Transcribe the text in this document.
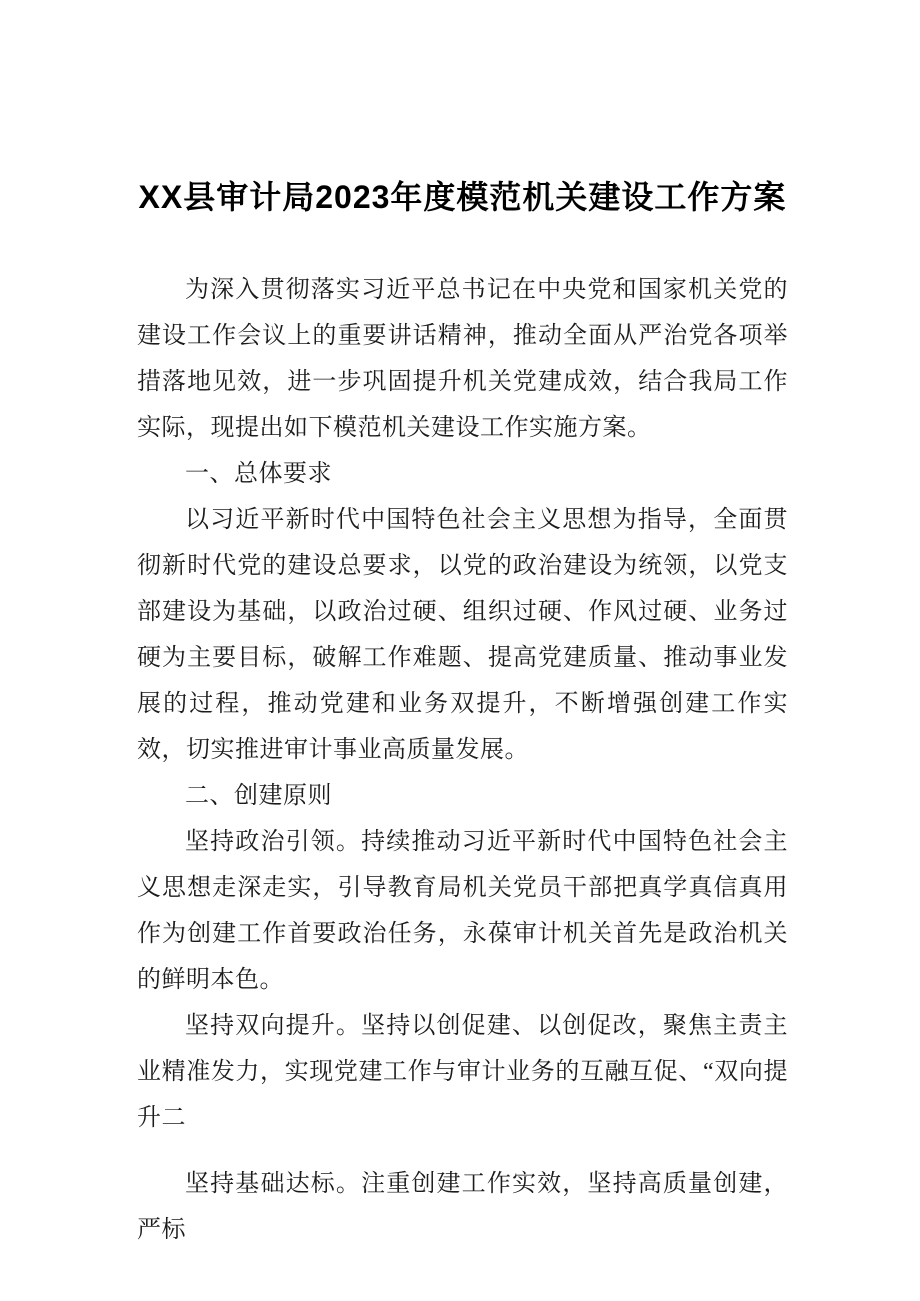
XX县审计局2023年度模范机关建设工作方案

为深入贯彻落实习近平总书记在中央党和国家机关党的建设工作会议上的重要讲话精神，推动全面从严治党各项举措落地见效，进一步巩固提升机关党建成效，结合我局工作实际，现提出如下模范机关建设工作实施方案。

一、总体要求

以习近平新时代中国特色社会主义思想为指导，全面贯彻新时代党的建设总要求，以党的政治建设为统领，以党支部建设为基础，以政治过硬、组织过硬、作风过硬、业务过硬为主要目标，破解工作难题、提高党建质量、推动事业发展的过程，推动党建和业务双提升，不断增强创建工作实效，切实推进审计事业高质量发展。

二、创建原则

坚持政治引领。持续推动习近平新时代中国特色社会主义思想走深走实，引导教育局机关党员干部把真学真信真用作为创建工作首要政治任务，永葆审计机关首先是政治机关的鲜明本色。

坚持双向提升。坚持以创促建、以创促改，聚焦主责主业精准发力，实现党建工作与审计业务的互融互促、“双向提升二

坚持基础达标。注重创建工作实效，坚持高质量创建，严标
